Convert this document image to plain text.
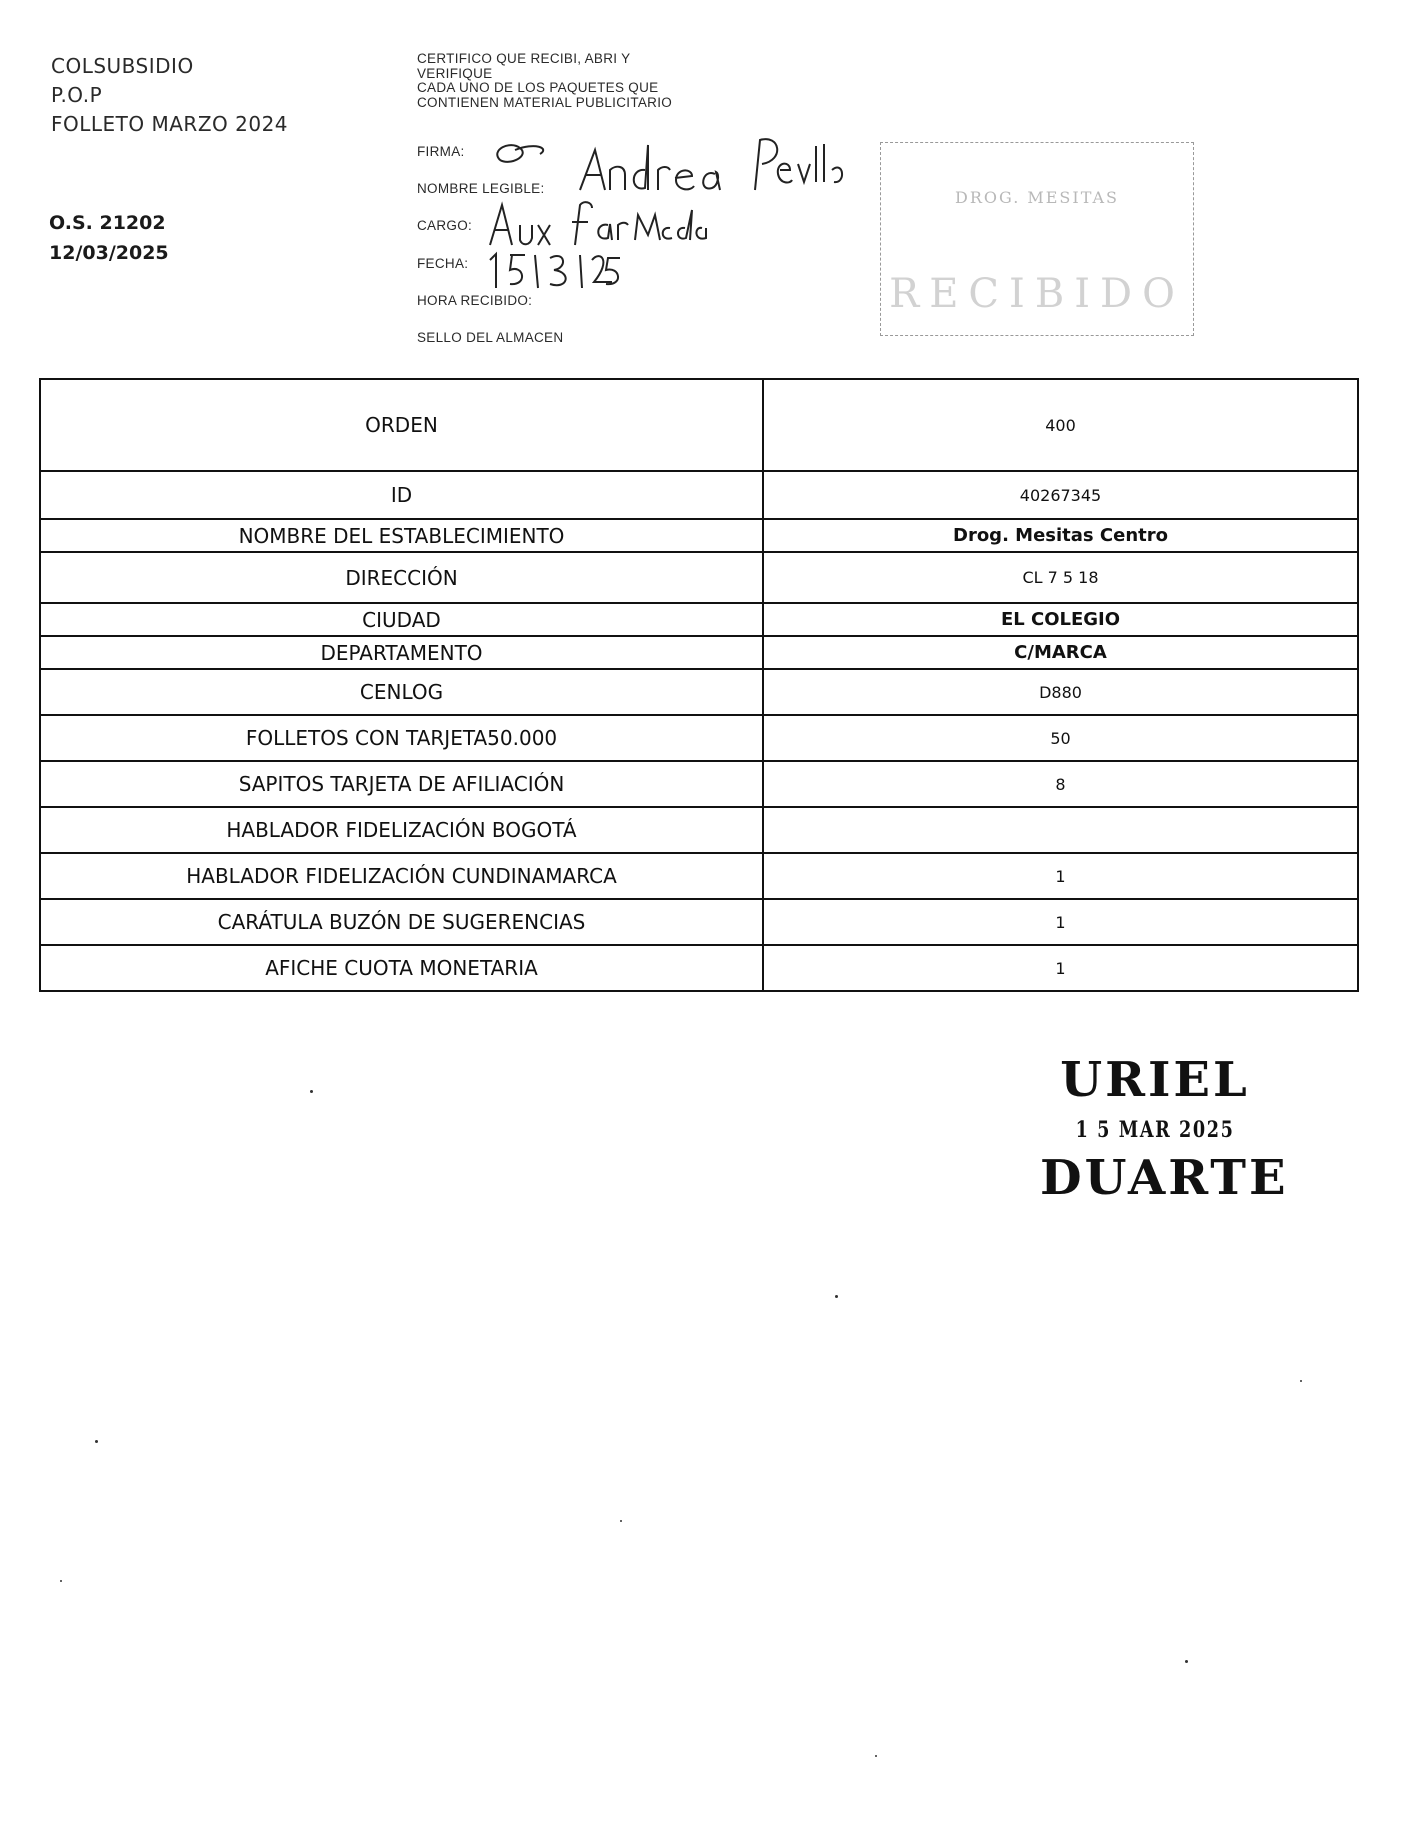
COLSUBSIDIO
P.O.P
FOLLETO MARZO 2024
O.S. 21202
12/03/2025
CERTIFICO QUE RECIBI, ABRI Y
VERIFIQUE
CADA UNO DE LOS PAQUETES QUE
CONTIENEN MATERIAL PUBLICITARIO
FIRMA:
NOMBRE LEGIBLE:
CARGO:
FECHA:
HORA RECIBIDO:
SELLO DEL ALMACEN
DROG. MESITAS
RECIBIDO
ORDEN	400
ID	40267345
NOMBRE DEL ESTABLECIMIENTO	Drog. Mesitas Centro
DIRECCIÓN	CL 7 5 18
CIUDAD	EL COLEGIO
DEPARTAMENTO	C/MARCA
CENLOG	D880
FOLLETOS CON TARJETA50.000	50
SAPITOS TARJETA DE AFILIACIÓN	8
HABLADOR FIDELIZACIÓN BOGOTÁ	
HABLADOR FIDELIZACIÓN CUNDINAMARCA	1
CARÁTULA BUZÓN DE SUGERENCIAS	1
AFICHE CUOTA MONETARIA	1
URIEL
1 5 MAR 2025
DUARTE
